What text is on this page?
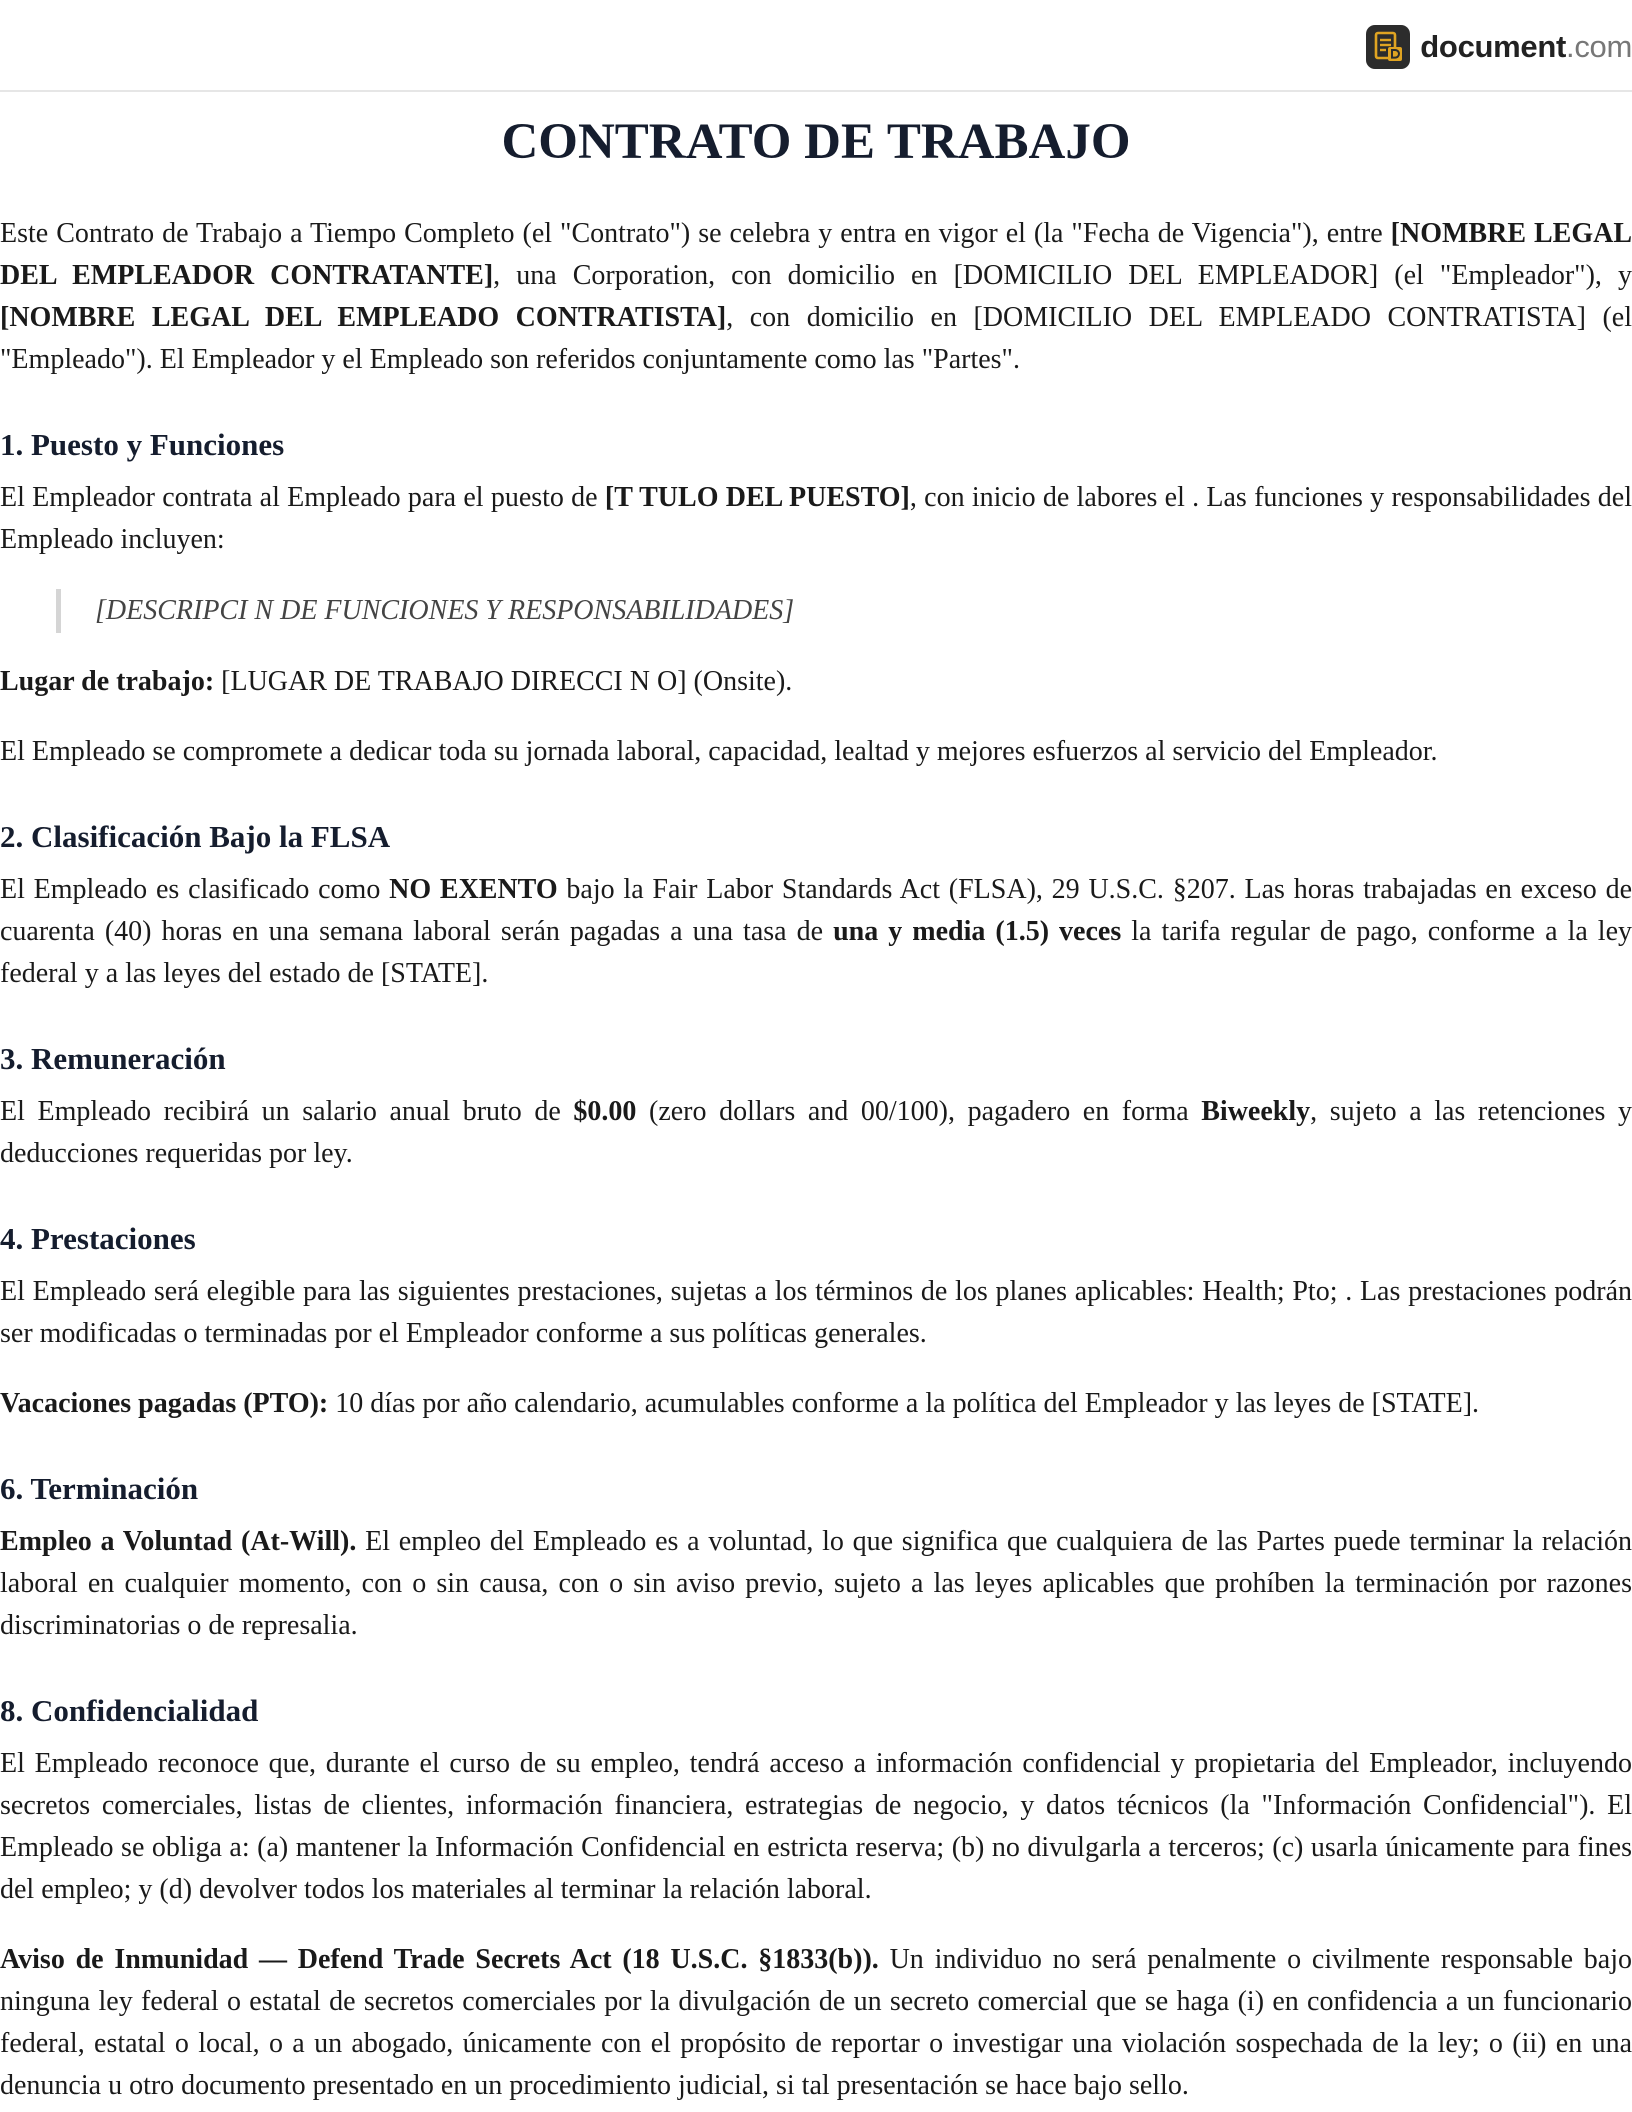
document.com
CONTRATO DE TRABAJO

Este Contrato de Trabajo a Tiempo Completo (el "Contrato") se celebra y entra en vigor el (la "Fecha de Vigencia"), entre [NOMBRE LEGAL DEL EMPLEADOR CONTRATANTE], una Corporation, con domicilio en [DOMICILIO DEL EMPLEADOR] (el "Empleador"), y [NOMBRE LEGAL DEL EMPLEADO CONTRATISTA], con domicilio en [DOMICILIO DEL EMPLEADO CONTRATISTA] (el "Empleado"). El Empleador y el Empleado son referidos conjuntamente como las "Partes".

1. Puesto y Funciones

El Empleador contrata al Empleado para el puesto de [T TULO DEL PUESTO], con inicio de labores el . Las funciones y responsabilidades del Empleado incluyen:

[DESCRIPCI N DE FUNCIONES Y RESPONSABILIDADES]

Lugar de trabajo: [LUGAR DE TRABAJO DIRECCI N O] (Onsite).

El Empleado se compromete a dedicar toda su jornada laboral, capacidad, lealtad y mejores esfuerzos al servicio del Empleador.

2. Clasificación Bajo la FLSA

El Empleado es clasificado como NO EXENTO bajo la Fair Labor Standards Act (FLSA), 29 U.S.C. §207. Las horas trabajadas en exceso de cuarenta (40) horas en una semana laboral serán pagadas a una tasa de una y media (1.5) veces la tarifa regular de pago, conforme a la ley federal y a las leyes del estado de [STATE].

3. Remuneración

El Empleado recibirá un salario anual bruto de $0.00 (zero dollars and 00/100), pagadero en forma Biweekly, sujeto a las retenciones y deducciones requeridas por ley.

4. Prestaciones

El Empleado será elegible para las siguientes prestaciones, sujetas a los términos de los planes aplicables: Health; Pto; . Las prestaciones podrán ser modificadas o terminadas por el Empleador conforme a sus políticas generales.

Vacaciones pagadas (PTO): 10 días por año calendario, acumulables conforme a la política del Empleador y las leyes de [STATE].

6. Terminación

Empleo a Voluntad (At-Will). El empleo del Empleado es a voluntad, lo que significa que cualquiera de las Partes puede terminar la relación laboral en cualquier momento, con o sin causa, con o sin aviso previo, sujeto a las leyes aplicables que prohíben la terminación por razones discriminatorias o de represalia.

8. Confidencialidad

El Empleado reconoce que, durante el curso de su empleo, tendrá acceso a información confidencial y propietaria del Empleador, incluyendo secretos comerciales, listas de clientes, información financiera, estrategias de negocio, y datos técnicos (la "Información Confidencial"). El Empleado se obliga a: (a) mantener la Información Confidencial en estricta reserva; (b) no divulgarla a terceros; (c) usarla únicamente para fines del empleo; y (d) devolver todos los materiales al terminar la relación laboral.

Aviso de Inmunidad — Defend Trade Secrets Act (18 U.S.C. §1833(b)). Un individuo no será penalmente o civilmente responsable bajo ninguna ley federal o estatal de secretos comerciales por la divulgación de un secreto comercial que se haga (i) en confidencia a un funcionario federal, estatal o local, o a un abogado, únicamente con el propósito de reportar o investigar una violación sospechada de la ley; o (ii) en una denuncia u otro documento presentado en un procedimiento judicial, si tal presentación se hace bajo sello.
